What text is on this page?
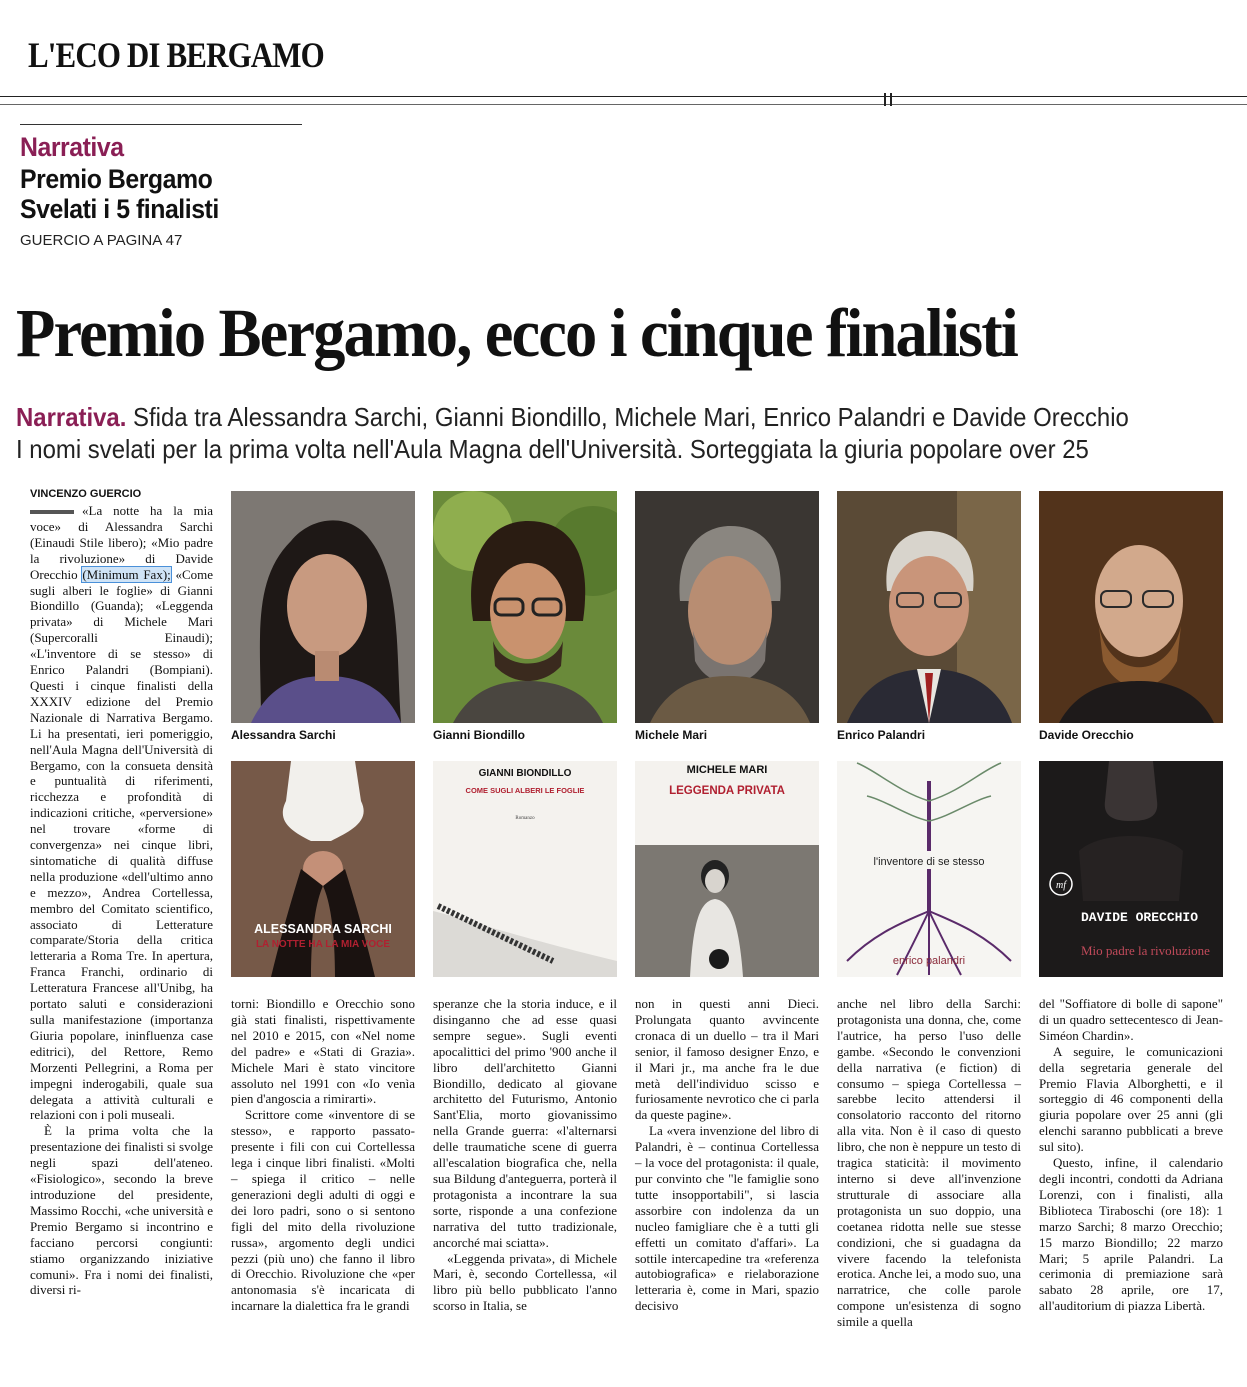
L'ECO DI BERGAMO
Narrativa
Premio Bergamo
Svelati i 5 finalisti
GUERCIO A PAGINA 47
Premio Bergamo, ecco i cinque finalisti
Narrativa. Sfida tra Alessandra Sarchi, Gianni Biondillo, Michele Mari, Enrico Palandri e Davide Orecchio
I nomi svelati per la prima volta nell'Aula Magna dell'Università. Sorteggiata la giuria popolare over 25
VINCENZO GUERCIO

«La notte ha la mia voce» di Alessandra Sarchi (Einaudi Stile libero); «Mio padre la rivoluzione» di Davide Orecchio (Minimum Fax); «Come sugli alberi le foglie» di Gianni Biondillo (Guanda); «Leggenda privata» di Michele Mari (Supercoralli Einaudi); «L'inventore di se stesso» di Enrico Palandri (Bompiani). Questi i cinque finalisti della XXXIV edizione del Premio Nazionale di Narrativa Bergamo. Li ha presentati, ieri pomeriggio, nell'Aula Magna dell'Università di Bergamo, con la consueta densità e puntualità di riferimenti, ricchezza e profondità di indicazioni critiche, «perversione» nel trovare «forme di convergenza» nei cinque libri, sintomatiche di qualità diffuse nella produzione «dell'ultimo anno e mezzo», Andrea Cortellessa, membro del Comitato scientifico, associato di Letterature comparate/Storia della critica letteraria a Roma Tre. In apertura, Franca Franchi, ordinario di Letteratura Francese all'Unibg, ha portato saluti e considerazioni sulla manifestazione (importanza Giuria popolare, ininfluenza case editrici), del Rettore, Remo Morzenti Pellegrini, a Roma per impegni inderogabili, quale sua delegata a attività culturali e relazioni con i poli museali.

È la prima volta che la presentazione dei finalisti si svolge negli spazi dell'ateneo. «Fisiologico», secondo la breve introduzione del presidente, Massimo Rocchi, «che università e Premio Bergamo si incontrino e facciano percorsi congiunti: stiamo organizzando iniziative comuni». Fra i nomi dei finalisti, diversi ri-

Alessandra Sarchi	Gianni Biondillo	Michele Mari	Enrico Palandri	Davide Orecchio
ALESSANDRA SARCHI
LA NOTTE HA LA MIA VOCE
GIANNI BIONDILLO
COME SUGLI ALBERI LE FOGLIE
Romanzo
MICHELE MARI
LEGGENDA PRIVATA
l'inventore di se stesso
enrico palandri
mf
DAVIDE ORECCHIO
Mio padre la rivoluzione

torni: Biondillo e Orecchio sono già stati finalisti, rispettivamente nel 2010 e 2015, con «Nel nome del padre» e «Stati di Grazia». Michele Mari è stato vincitore assoluto nel 1991 con «Io venìa pien d'angoscia a rimirarti».

Scrittore come «inventore di se stesso», e rapporto passato-presente i fili con cui Cortellessa lega i cinque libri finalisti. «Molti – spiega il critico – nelle generazioni degli adulti di oggi e dei loro padri, sono o si sentono figli del mito della rivoluzione russa», argomento degli undici pezzi (più uno) che fanno il libro di Orecchio. Rivoluzione che «per antonomasia s'è incaricata di incarnare la dialettica fra le grandi

speranze che la storia induce, e il disinganno che ad esse quasi sempre segue». Sugli eventi apocalittici del primo '900 anche il libro dell'architetto Gianni Biondillo, dedicato al giovane architetto del Futurismo, Antonio Sant'Elia, morto giovanissimo nella Grande guerra: «l'alternarsi delle traumatiche scene di guerra all'escalation biografica che, nella sua Bildung d'anteguerra, porterà il protagonista a incontrare la sua sorte, risponde a una confezione narrativa del tutto tradizionale, ancorché mai sciatta».

«Leggenda privata», di Michele Mari, è, secondo Cortellessa, «il libro più bello pubblicato l'anno scorso in Italia, se

non in questi anni Dieci. Prolungata quanto avvincente cronaca di un duello – tra il Mari senior, il famoso designer Enzo, e il Mari jr., ma anche fra le due metà dell'individuo scisso e furiosamente nevrotico che ci parla da queste pagine».

La «vera invenzione del libro di Palandri, è – continua Cortellessa – la voce del protagonista: il quale, pur convinto che "le famiglie sono tutte insopportabili", si lascia assorbire con indolenza da un nucleo famigliare che è a tutti gli effetti un comitato d'affari». La sottile intercapedine tra «referenza autobiografica» e rielaborazione letteraria è, come in Mari, spazio decisivo

anche nel libro della Sarchi: protagonista una donna, che, come l'autrice, ha perso l'uso delle gambe. «Secondo le convenzioni della narrativa (e fiction) di consumo – spiega Cortellessa – sarebbe lecito attendersi il consolatorio racconto del ritorno alla vita. Non è il caso di questo libro, che non è neppure un testo di tragica staticità: il movimento interno si deve all'invenzione strutturale di associare alla protagonista un suo doppio, una coetanea ridotta nelle sue stesse condizioni, che si guadagna da vivere facendo la telefonista erotica. Anche lei, a modo suo, una narratrice, che colle parole compone un'esistenza di sogno simile a quella

del "Soffiatore di bolle di sapone" di un quadro settecentesco di Jean-Siméon Chardin».

A seguire, le comunicazioni della segretaria generale del Premio Flavia Alborghetti, e il sorteggio di 46 componenti della giuria popolare over 25 anni (gli elenchi saranno pubblicati a breve sul sito).

Questo, infine, il calendario degli incontri, condotti da Adriana Lorenzi, con i finalisti, alla Biblioteca Tiraboschi (ore 18): 1 marzo Sarchi; 8 marzo Orecchio; 15 marzo Biondillo; 22 marzo Mari; 5 aprile Palandri. La cerimonia di premiazione sarà sabato 28 aprile, ore 17, all'auditorium di piazza Libertà.
